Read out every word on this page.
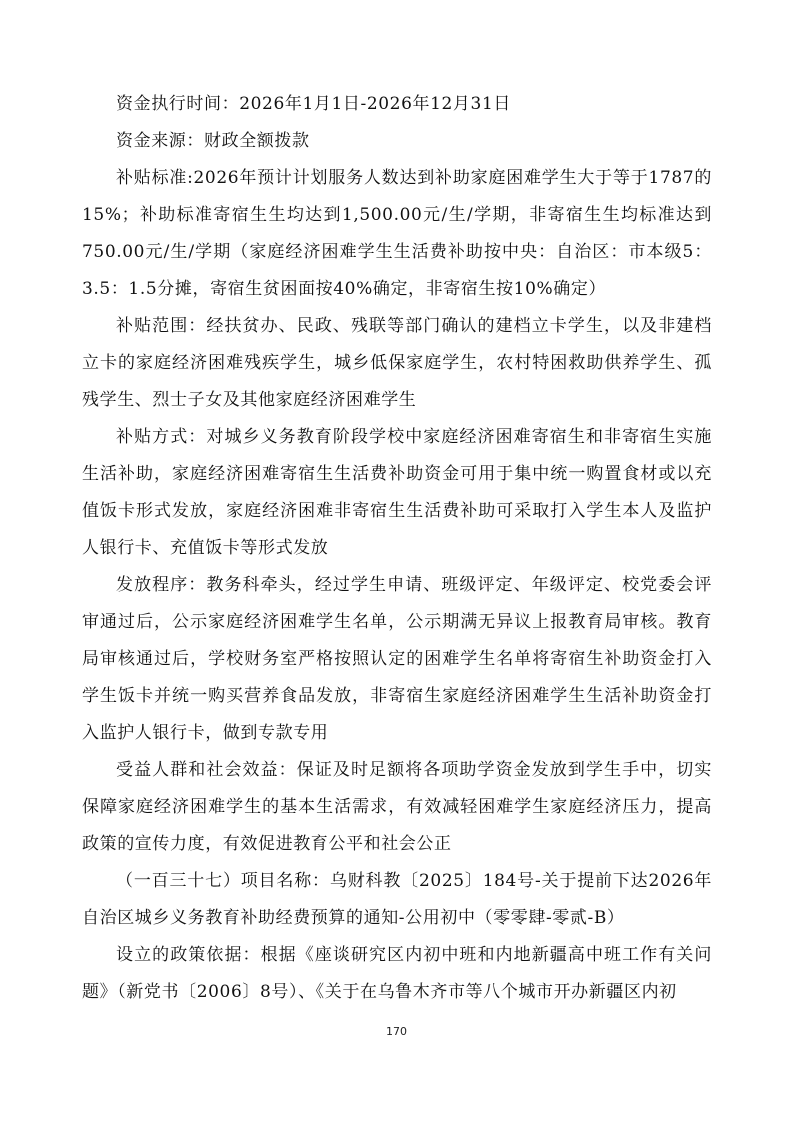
资金执行时间：2026年1月1日-2026年12月31日

资金来源：财政全额拨款

补贴标准:2026年预计计划服务人数达到补助家庭困难学生大于等于1787的15%；补助标准寄宿生生均达到1,500.00元/生/学期，非寄宿生生均标准达到750.00元/生/学期（家庭经济困难学生生活费补助按中央：自治区：市本级5：3.5：1.5分摊，寄宿生贫困面按40%确定，非寄宿生按10%确定）

补贴范围：经扶贫办、民政、残联等部门确认的建档立卡学生，以及非建档立卡的家庭经济困难残疾学生，城乡低保家庭学生，农村特困救助供养学生、孤残学生、烈士子女及其他家庭经济困难学生

补贴方式：对城乡义务教育阶段学校中家庭经济困难寄宿生和非寄宿生实施生活补助，家庭经济困难寄宿生生活费补助资金可用于集中统一购置食材或以充值饭卡形式发放，家庭经济困难非寄宿生生活费补助可采取打入学生本人及监护人银行卡、充值饭卡等形式发放

发放程序：教务科牵头，经过学生申请、班级评定、年级评定、校党委会评审通过后，公示家庭经济困难学生名单，公示期满无异议上报教育局审核。教育局审核通过后，学校财务室严格按照认定的困难学生名单将寄宿生补助资金打入学生饭卡并统一购买营养食品发放，非寄宿生家庭经济困难学生生活补助资金打入监护人银行卡，做到专款专用

受益人群和社会效益：保证及时足额将各项助学资金发放到学生手中，切实保障家庭经济困难学生的基本生活需求，有效减轻困难学生家庭经济压力，提高政策的宣传力度，有效促进教育公平和社会公正

（一百三十七）项目名称：乌财科教〔2025〕184号-关于提前下达2026年自治区城乡义务教育补助经费预算的通知-公用初中（零零肆-零贰-B）

设立的政策依据：根据《座谈研究区内初中班和内地新疆高中班工作有关问题》（新党书〔2006〕8号）、《关于在乌鲁木齐市等八个城市开办新疆区内初

170
